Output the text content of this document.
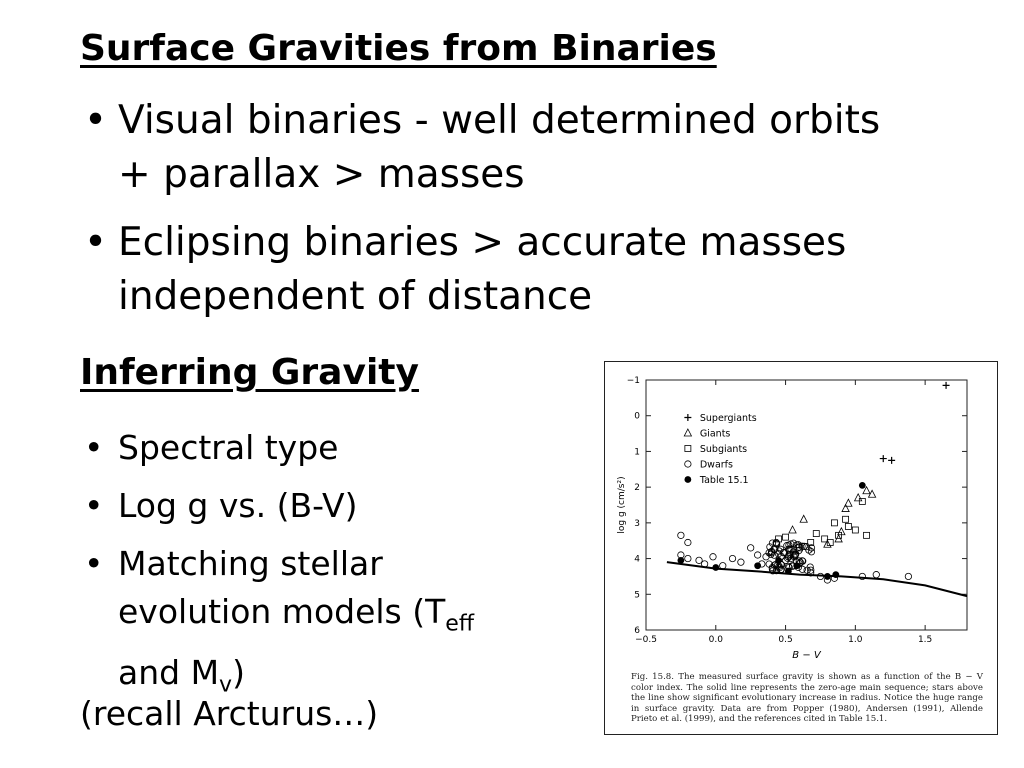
Surface Gravities from Binaries
• Visual binaries - well determined orbits + parallax > masses
• Eclipsing binaries > accurate masses independent of distance
Inferring Gravity
• Spectral type
• Log g vs. (B-V)
• Matching stellar evolution models ($T_{eff}$ and $M_v$)
(recall Arcturus…)
−0.5	0.0	0.5	1.0	1.5
−1
0
1
2
3
4
5
6
B − V
log g (cm/s²)
Supergiants
Giants
Subgiants
Dwarfs
Table 15.1
Fig. 15.8. The measured surface gravity is shown as a function of the B − V color index. The solid line represents the zero-age main sequence; stars above the line show significant evolutionary increase in radius. Notice the huge range in surface gravity. Data are from Popper (1980), Andersen (1991), Allende Prieto et al. (1999), and the references cited in Table 15.1.
